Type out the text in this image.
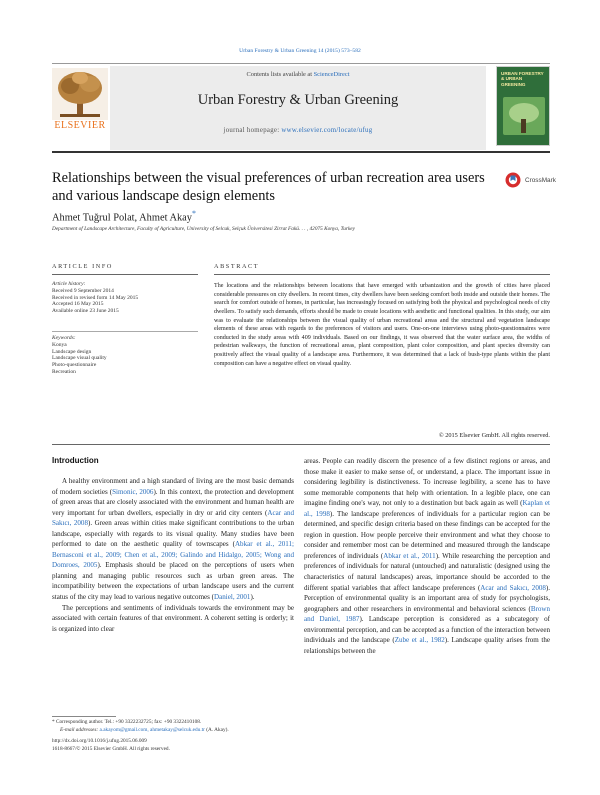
Urban Forestry & Urban Greening 14 (2015) 573–582
ELSEVIER
Contents lists available at ScienceDirect
Urban Forestry & Urban Greening
journal homepage: www.elsevier.com/locate/ufug
URBAN FORESTRY & URBAN GREENING
Relationships between the visual preferences of urban recreation area users and various landscape design elements
CrossMark
Ahmet Tuğrul Polat, Ahmet Akay*
Department of Landscape Architecture, Faculty of Agriculture, University of Selcuk, Selçuk Üniversitesi Zirrat Fakü. . . , 42075 Konya, Turkey
ARTICLE INFO	ABSTRACT
Article history:
Received 9 September 2014
Received in revised form 14 May 2015
Accepted 16 May 2015
Available online 23 June 2015
Keywords:
Konya
Landscape design
Landscape visual quality
Photo-questionnaire
Recreation
The locations and the relationships between locations that have emerged with urbanization and the growth of cities have placed considerable pressures on city dwellers. In recent times, city dwellers have been seeking comfort both inside and outside their homes. The search for comfort outside of homes, in particular, has increasingly focused on satisfying both the physical and psychological needs of city dwellers. To satisfy such demands, efforts should be made to create locations with aesthetic and functional qualities. In this study, our aim was to evaluate the relationships between the visual quality of urban recreational areas and the structural and vegetation landscape elements of these areas with regards to the preferences of visitors and users. One-on-one interviews using photo-questionnaires were conducted in the study areas with 409 individuals. Based on our findings, it was observed that the water surface area, the widths of pedestrian walkways, the function of recreational areas, plant composition, plant color composition, and plant species diversity can positively affect the visual quality of a landscape area. Furthermore, it was determined that a lack of bush-type plants within the plant composition can have a negative effect on visual quality.
© 2015 Elsevier GmbH. All rights reserved.
Introduction

A healthy environment and a high standard of living are the most basic demands of modern societies (Simonic, 2006). In this context, the protection and development of green areas that are closely associated with the environment and human health are very important for urban dwellers, especially in dry or arid city centers (Acar and Sakıcı, 2008). Green areas within cities make significant contributions to the urban landscape, especially with regards to its visual quality. Many studies have been performed to date on the aesthetic quality of townscapes (Abkar et al., 2011; Bernasconi et al., 2009; Chen et al., 2009; Galindo and Hidalgo, 2005; Wong and Domroes, 2005). Emphasis should be placed on the perceptions of users when planning and managing public resources such as urban green areas. The incompatibility between the expectations of urban landscape users and the current status of the city may lead to various negative outcomes (Daniel, 2001).

The perceptions and sentiments of individuals towards the environment may be associated with certain features of that environment. A coherent setting is orderly; it is organized into clear

areas. People can readily discern the presence of a few distinct regions or areas, and those make it easier to make sense of, or understand, a place. The important issue in considering legibility is distinctiveness. To increase legibility, a scene has to have some memorable components that help with orientation. In a legible place, one can imagine finding one's way, not only to a destination but back again as well (Kaplan et al., 1998). The landscape preferences of individuals for a particular region can be determined, and specific design criteria based on these findings can be accepted for the region in question. How people perceive their environment and what they choose to consider and remember most can be determined and measured through the landscape preferences of individuals (Abkar et al., 2011). While researching the perception and preferences of individuals for natural (untouched) and naturalistic (designed using the characteristics of natural landscapes) areas, importance should be accorded to the different spatial variables that affect landscape preferences (Acar and Sakıcı, 2008). Perception of environmental quality is an important area of study for psychologists, geographers and other researchers in environmental and behavioral sciences (Brown and Daniel, 1987). Landscape perception is considered as a subcategory of environmental perception, and can be accepted as a function of the interaction between individuals and the landscape (Zube et al., 1982). Landscape quality arises from the relationships between the

* Corresponding author. Tel.: +90 3322232725; fax: +90 3322410108.
E-mail addresses: a.akayom@gmail.com, ahmetakay@selcuk.edu.tr (A. Akay).
http://dx.doi.org/10.1016/j.ufug.2015.06.009
1618-8667/© 2015 Elsevier GmbH. All rights reserved.
